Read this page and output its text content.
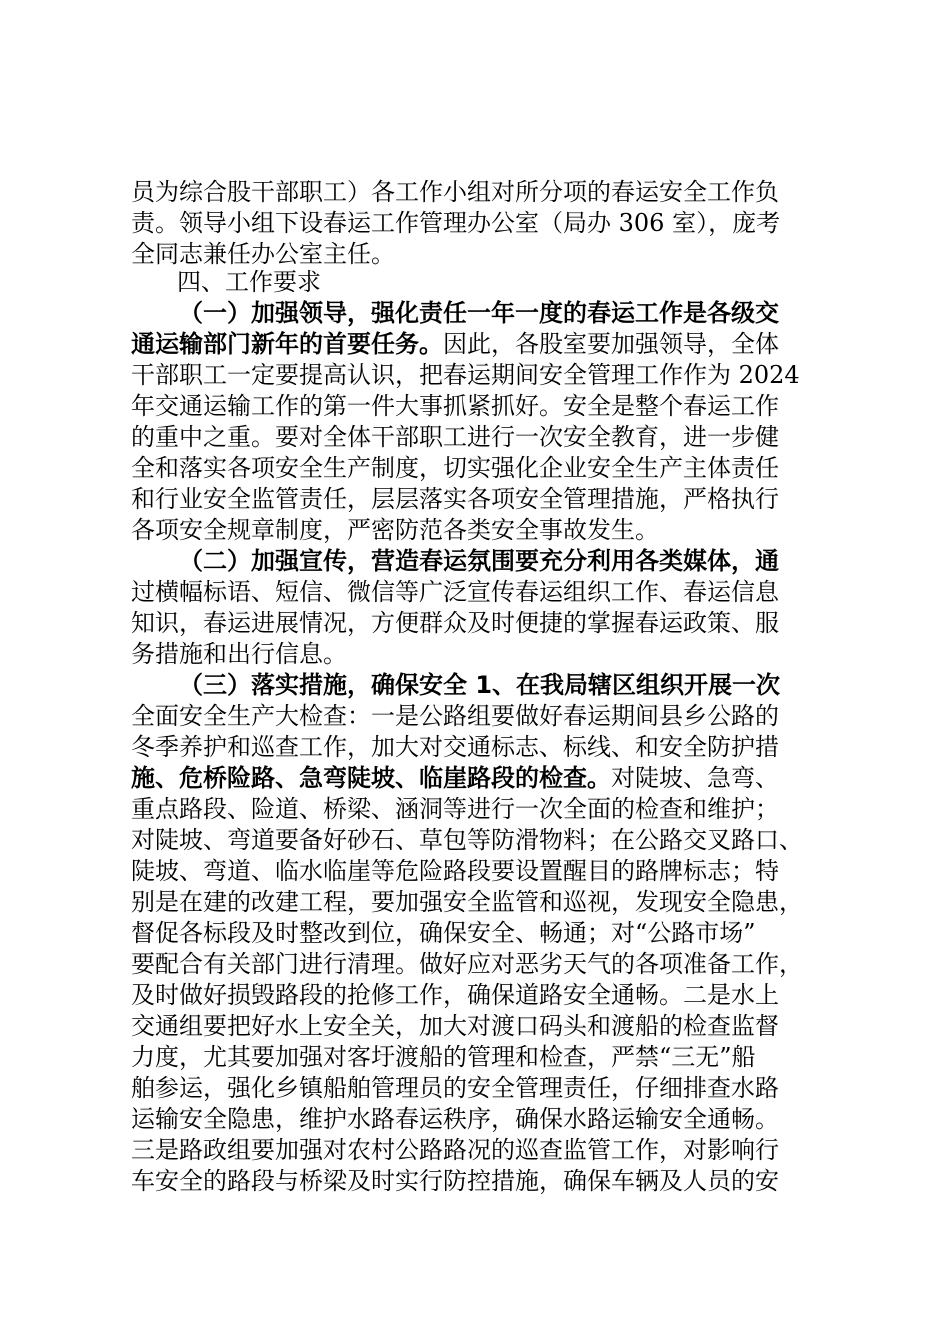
员为综合股干部职工）各工作小组对所分项的春运安全工作负
责。领导小组下设春运工作管理办公室（局办 306 室），庞考
全同志兼任办公室主任。
四、工作要求
（一）加强领导，强化责任一年一度的春运工作是各级交
通运输部门新年的首要任务。因此，各股室要加强领导，全体
干部职工一定要提高认识，把春运期间安全管理工作作为 2024
年交通运输工作的第一件大事抓紧抓好。安全是整个春运工作
的重中之重。要对全体干部职工进行一次安全教育，进一步健
全和落实各项安全生产制度，切实强化企业安全生产主体责任
和行业安全监管责任，层层落实各项安全管理措施，严格执行
各项安全规章制度，严密防范各类安全事故发生。
（二）加强宣传，营造春运氛围要充分利用各类媒体，通
过横幅标语、短信、微信等广泛宣传春运组织工作、春运信息
知识，春运进展情况，方便群众及时便捷的掌握春运政策、服
务措施和出行信息。
（三）落实措施，确保安全 1、在我局辖区组织开展一次
全面安全生产大检查：一是公路组要做好春运期间县乡公路的
冬季养护和巡查工作，加大对交通标志、标线、和安全防护措
施、危桥险路、急弯陡坡、临崖路段的检查。对陡坡、急弯、
重点路段、险道、桥梁、涵洞等进行一次全面的检查和维护；
对陡坡、弯道要备好砂石、草包等防滑物料；在公路交叉路口、
陡坡、弯道、临水临崖等危险路段要设置醒目的路牌标志；特
别是在建的改建工程，要加强安全监管和巡视，发现安全隐患，
督促各标段及时整改到位，确保安全、畅通；对“公路市场”
要配合有关部门进行清理。做好应对恶劣天气的各项准备工作，
及时做好损毁路段的抢修工作，确保道路安全通畅。二是水上
交通组要把好水上安全关，加大对渡口码头和渡船的检查监督
力度，尤其要加强对客圩渡船的管理和检查，严禁“三无”船
舶参运，强化乡镇船舶管理员的安全管理责任，仔细排查水路
运输安全隐患，维护水路春运秩序，确保水路运输安全通畅。
三是路政组要加强对农村公路路况的巡查监管工作，对影响行
车安全的路段与桥梁及时实行防控措施，确保车辆及人员的安
